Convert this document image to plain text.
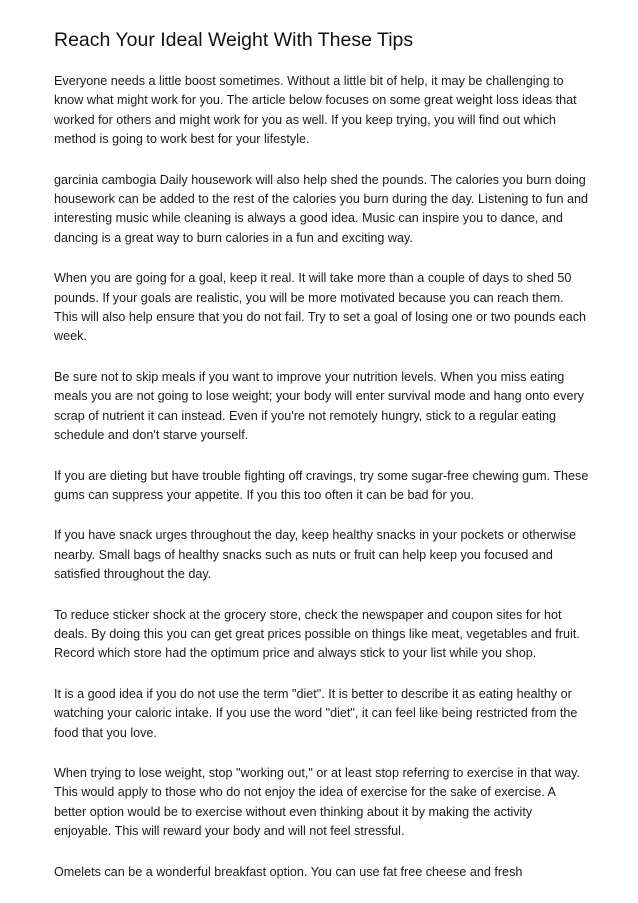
Reach Your Ideal Weight With These Tips

Everyone needs a little boost sometimes. Without a little bit of help, it may be challenging to know what might work for you. The article below focuses on some great weight loss ideas that worked for others and might work for you as well. If you keep trying, you will find out which method is going to work best for your lifestyle.

garcinia cambogia Daily housework will also help shed the pounds. The calories you burn doing housework can be added to the rest of the calories you burn during the day. Listening to fun and interesting music while cleaning is always a good idea. Music can inspire you to dance, and dancing is a great way to burn calories in a fun and exciting way.

When you are going for a goal, keep it real. It will take more than a couple of days to shed 50 pounds. If your goals are realistic, you will be more motivated because you can reach them. This will also help ensure that you do not fail. Try to set a goal of losing one or two pounds each week.

Be sure not to skip meals if you want to improve your nutrition levels. When you miss eating meals you are not going to lose weight; your body will enter survival mode and hang onto every scrap of nutrient it can instead. Even if you're not remotely hungry, stick to a regular eating schedule and don't starve yourself.

If you are dieting but have trouble fighting off cravings, try some sugar-free chewing gum. These gums can suppress your appetite. If you this too often it can be bad for you.

If you have snack urges throughout the day, keep healthy snacks in your pockets or otherwise nearby. Small bags of healthy snacks such as nuts or fruit can help keep you focused and satisfied throughout the day.

To reduce sticker shock at the grocery store, check the newspaper and coupon sites for hot deals. By doing this you can get great prices possible on things like meat, vegetables and fruit. Record which store had the optimum price and always stick to your list while you shop.

It is a good idea if you do not use the term "diet". It is better to describe it as eating healthy or watching your caloric intake. If you use the word "diet", it can feel like being restricted from the food that you love.

When trying to lose weight, stop "working out," or at least stop referring to exercise in that way. This would apply to those who do not enjoy the idea of exercise for the sake of exercise. A better option would be to exercise without even thinking about it by making the activity enjoyable. This will reward your body and will not feel stressful.

Omelets can be a wonderful breakfast option. You can use fat free cheese and fresh
